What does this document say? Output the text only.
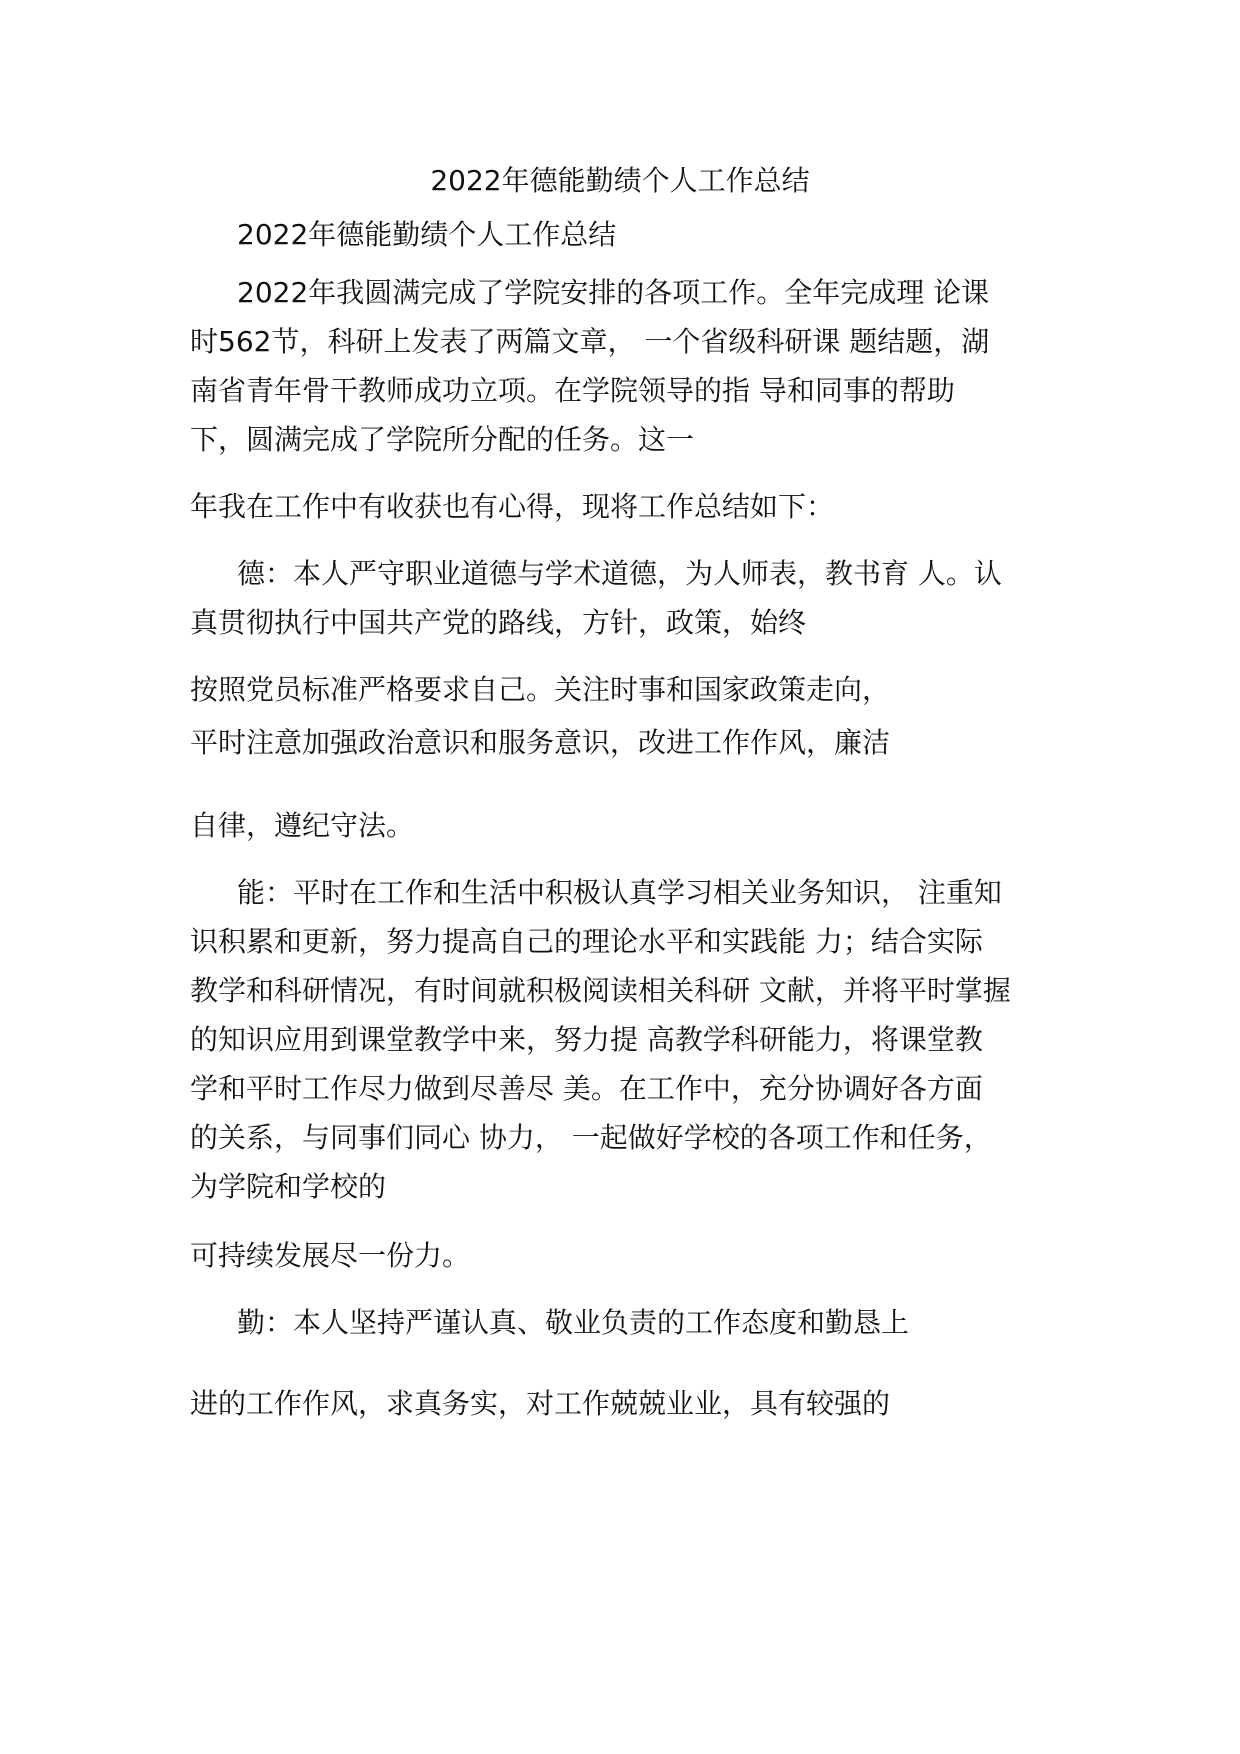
2022年德能勤绩个人工作总结
2022年德能勤绩个人工作总结
2022年我圆满完成了学院安排的各项工作。全年完成理 论课
时562节，科研上发表了两篇文章， 一个省级科研课 题结题，湖
南省青年骨干教师成功立项。在学院领导的指 导和同事的帮助
下，圆满完成了学院所分配的任务。这一
年我在工作中有收获也有心得，现将工作总结如下：
德：本人严守职业道德与学术道德，为人师表，教书育 人。认
真贯彻执行中国共产党的路线，方针，政策，始终
按照党员标准严格要求自己。关注时事和国家政策走向，
平时注意加强政治意识和服务意识，改进工作作风，廉洁
自律，遵纪守法。
能：平时在工作和生活中积极认真学习相关业务知识， 注重知
识积累和更新，努力提高自己的理论水平和实践能 力；结合实际
教学和科研情况，有时间就积极阅读相关科研 文献，并将平时掌握
的知识应用到课堂教学中来，努力提 高教学科研能力，将课堂教
学和平时工作尽力做到尽善尽 美。在工作中，充分协调好各方面
的关系，与同事们同心 协力， 一起做好学校的各项工作和任务，
为学院和学校的
可持续发展尽一份力。
勤：本人坚持严谨认真、敬业负责的工作态度和勤恳上
进的工作作风，求真务实，对工作兢兢业业，具有较强的
